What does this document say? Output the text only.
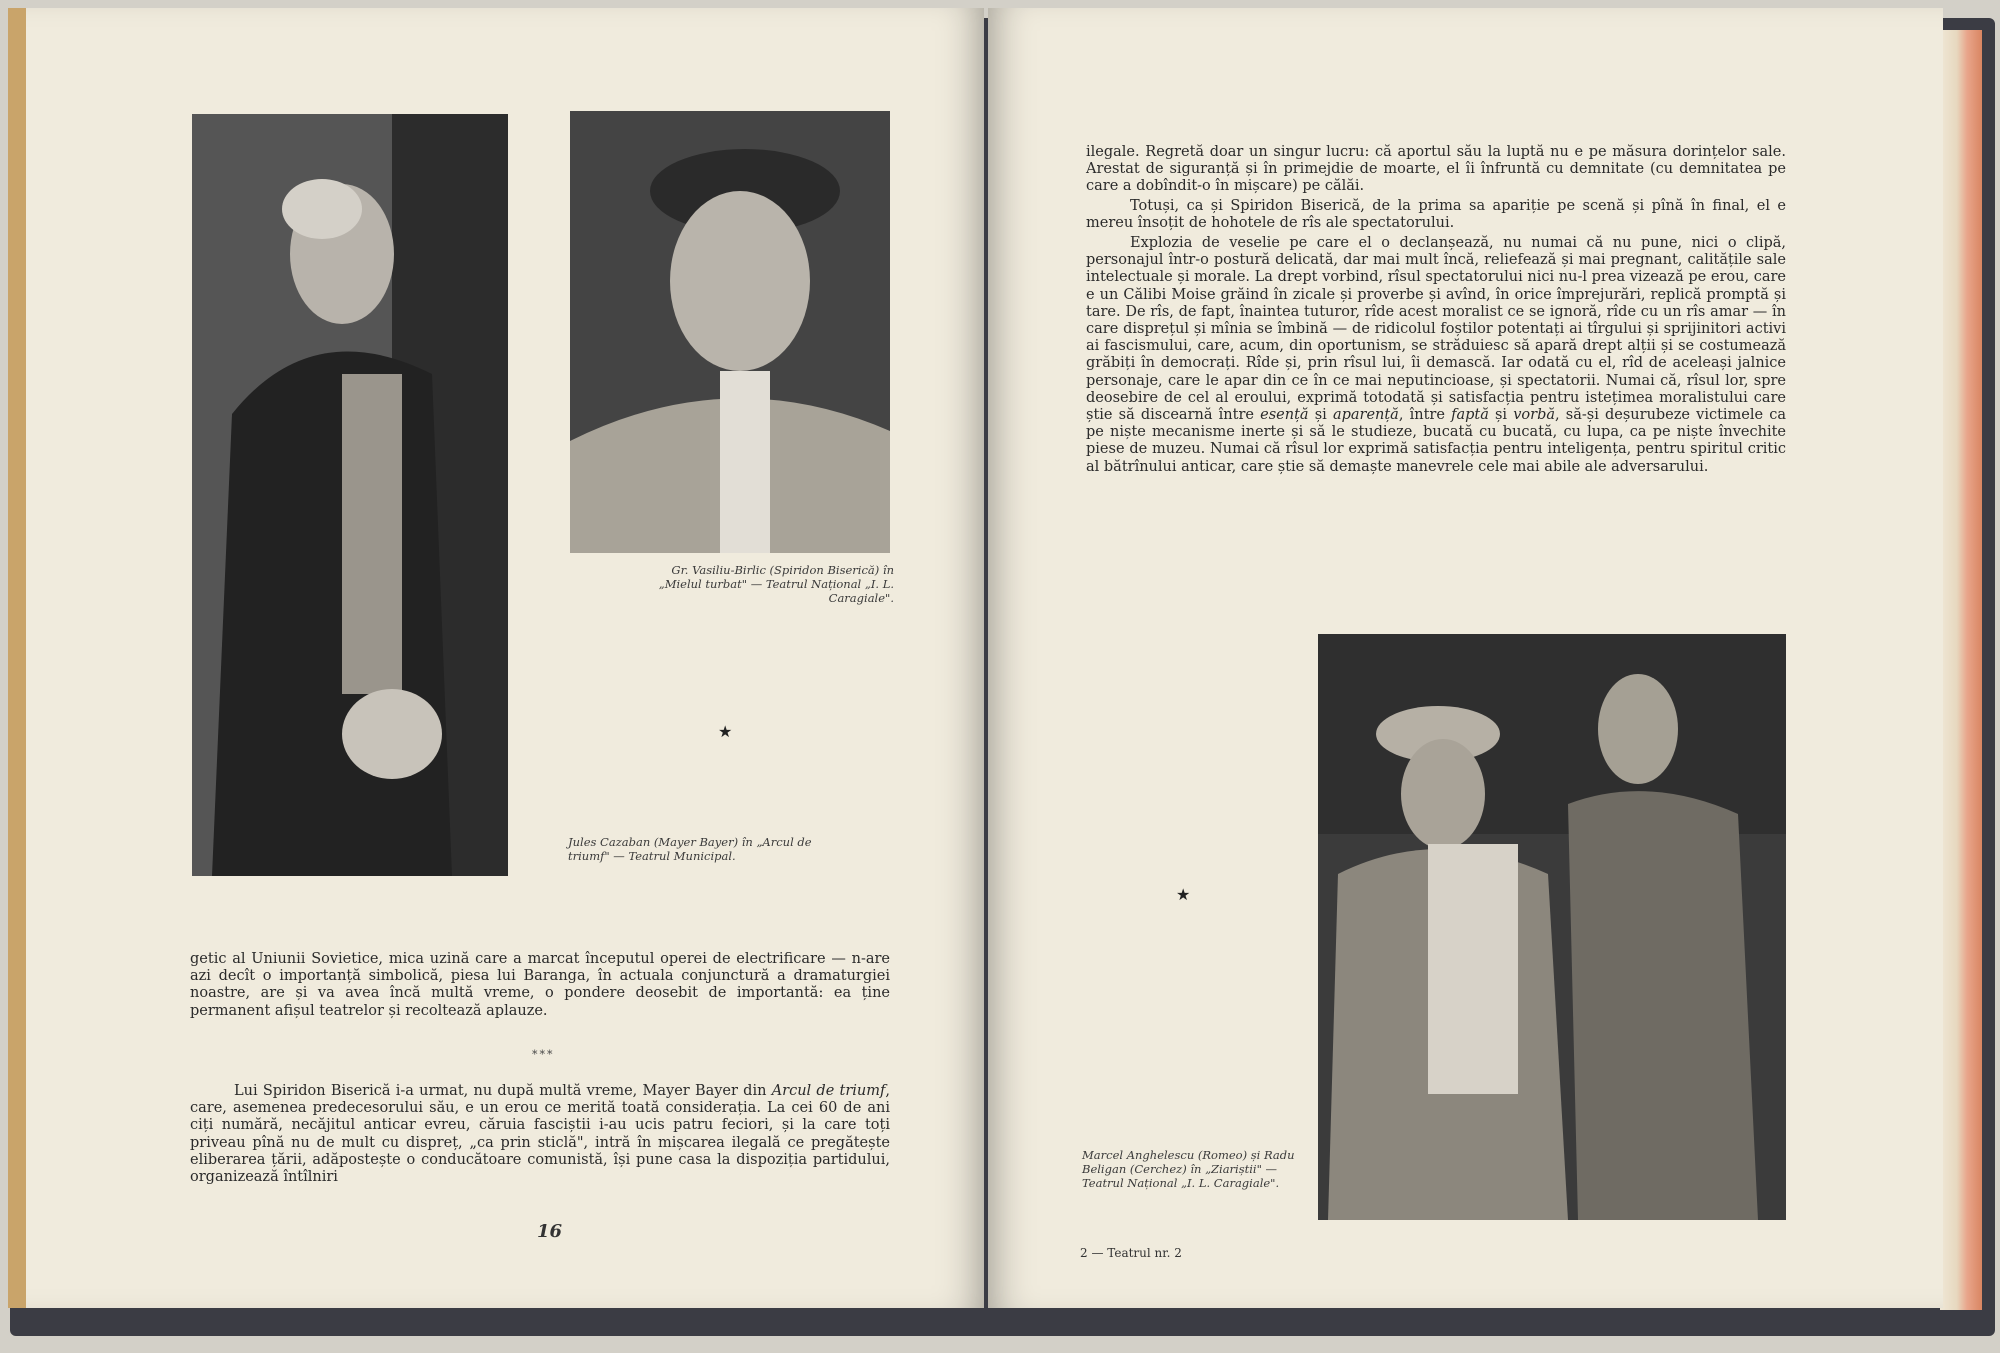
Gr. Vasiliu-Birlic (Spiridon Biserică) în „Mielul turbat" — Teatrul Național „I. L. Caragiale".

★

Jules Cazaban (Mayer Bayer) în „Arcul de triumf" — Teatrul Municipal.

getic al Uniunii Sovietice, mica uzină care a marcat începutul operei de electrificare — n-are azi decît o importanță simbolică, piesa lui Baranga, în actuala conjunctură a dramaturgiei noastre, are și va avea încă multă vreme, o pondere deosebit de importantă: ea ține permanent afișul teatrelor și recoltează aplauze.

***

Lui Spiridon Biserică i-a urmat, nu după multă vreme, Mayer Bayer din Arcul de triumf, care, asemenea predecesorului său, e un erou ce merită toată considerația. La cei 60 de ani ciți numără, necăjitul anticar evreu, căruia fasciștii i-au ucis patru feciori, și la care toți priveau pînă nu de mult cu dispreț, „ca prin sticlă", intră în mișcarea ilegală ce pregătește eliberarea țării, adăpostește o conducătoare comunistă, își pune casa la dispoziția partidului, organizează întîlniri

16

ilegale. Regretă doar un singur lucru: că aportul său la luptă nu e pe măsura dorințelor sale. Arestat de siguranță și în primejdie de moarte, el îi înfruntă cu demnitate (cu demnitatea pe care a dobîndit-o în mișcare) pe călăi.

Totuși, ca și Spiridon Biserică, de la prima sa apariție pe scenă și pînă în final, el e mereu însoțit de hohotele de rîs ale spectatorului.

Explozia de veselie pe care el o declanșează, nu numai că nu pune, nici o clipă, personajul într-o postură delicată, dar mai mult încă, reliefează și mai pregnant, calitățile sale intelectuale și morale. La drept vorbind, rîsul spectatorului nici nu-l prea vizează pe erou, care e un Călibi Moise grăind în zicale și proverbe și avînd, în orice împrejurări, replică promptă și tare. De rîs, de fapt, înaintea tuturor, rîde acest moralist ce se ignoră, rîde cu un rîs amar — în care disprețul și mînia se îmbină — de ridicolul foștilor potentați ai tîrgului și sprijinitori activi ai fascismului, care, acum, din oportunism, se străduiesc să apară drept alții și se costumează grăbiți în democrați. Rîde și, prin rîsul lui, îi demască. Iar odată cu el, rîd de aceleași jalnice personaje, care le apar din ce în ce mai neputincioase, și spectatorii. Numai că, rîsul lor, spre deosebire de cel al eroului, exprimă totodată și satisfacția pentru istețimea moralistului care știe să discearnă între esență și aparență, între faptă și vorbă, să-și deșurubeze victimele ca pe niște mecanisme inerte și să le studieze, bucată cu bucată, cu lupa, ca pe niște învechite piese de muzeu. Numai că rîsul lor exprimă satisfacția pentru inteligența, pentru spiritul critic al bătrînului anticar, care știe să demaște manevrele cele mai abile ale adversarului.

★

Marcel Anghelescu (Romeo) și Radu Beligan (Cerchez) în „Ziariștii" — Teatrul Național „I. L. Caragiale".

2 — Teatrul nr. 2
